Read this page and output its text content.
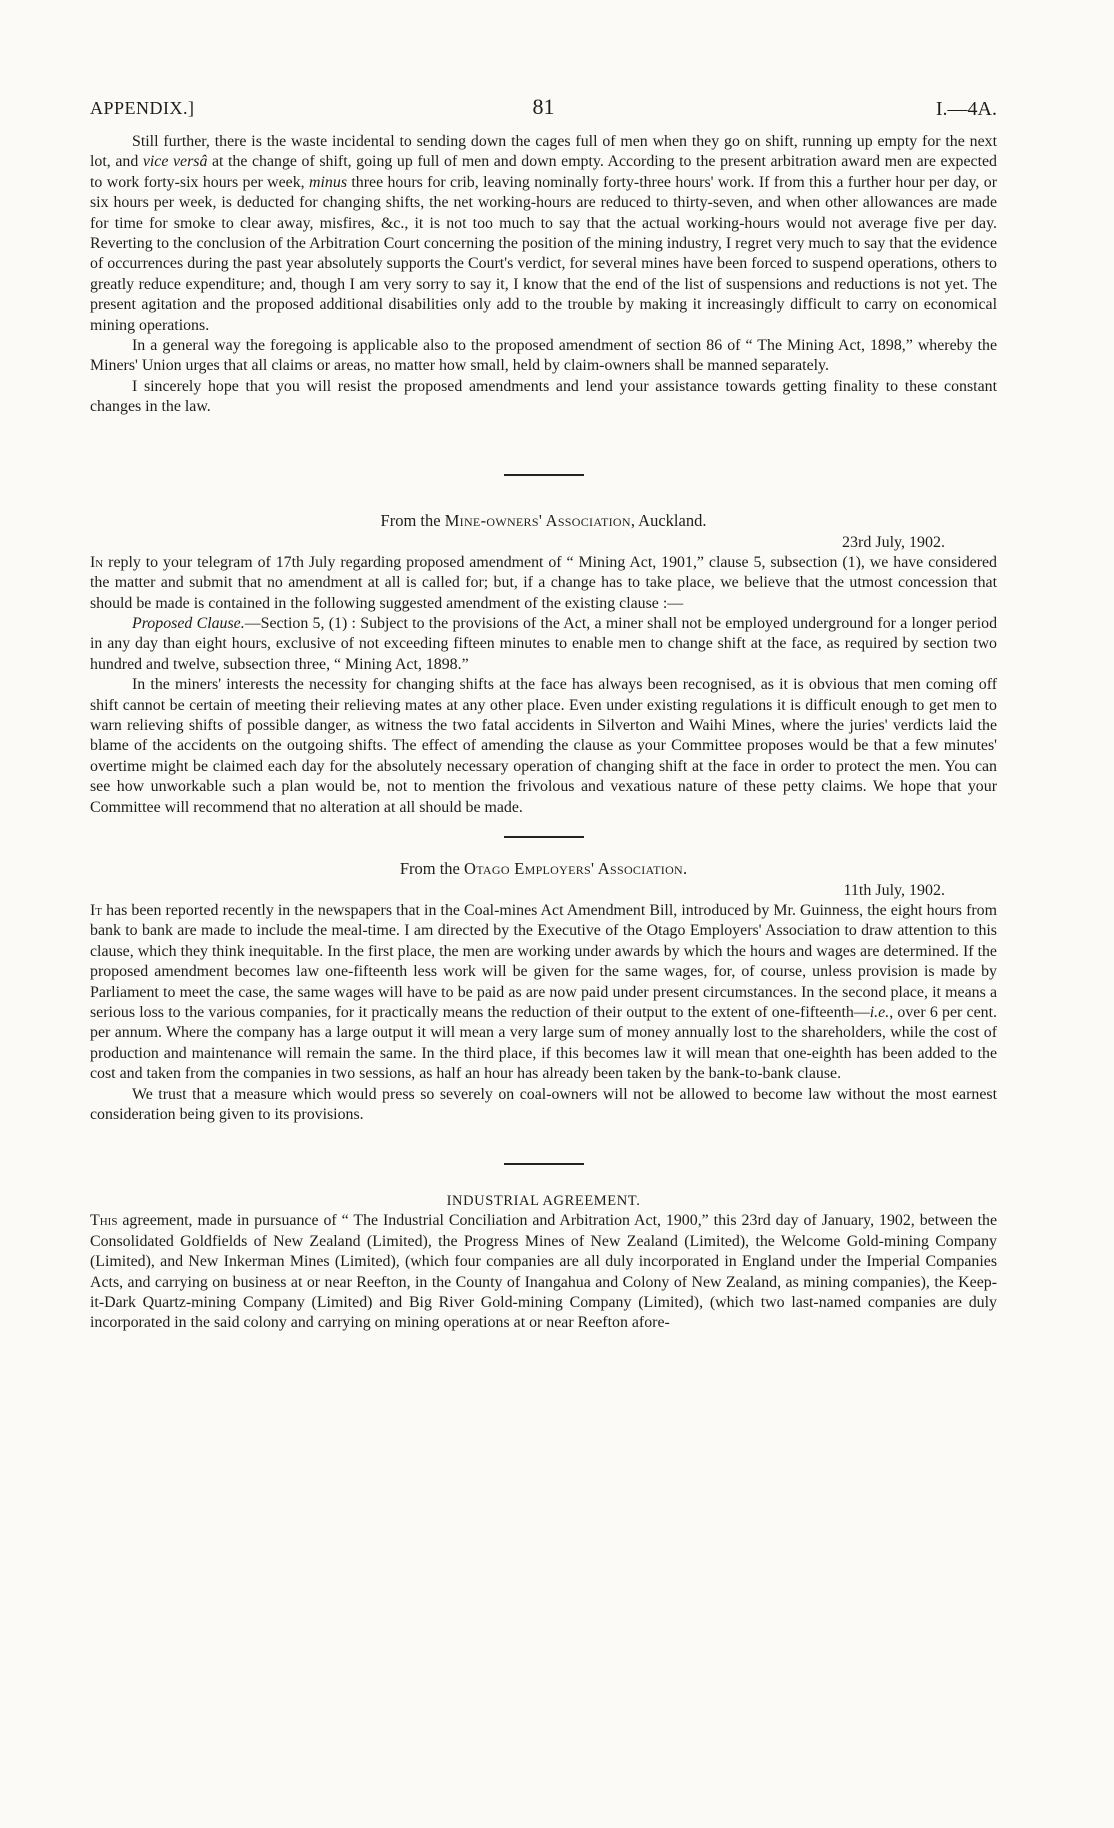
APPENDIX.]	81	I.—4A.

Still further, there is the waste incidental to sending down the cages full of men when they go on shift, running up empty for the next lot, and vice versâ at the change of shift, going up full of men and down empty. According to the present arbitration award men are expected to work forty-six hours per week, minus three hours for crib, leaving nominally forty-three hours' work. If from this a further hour per day, or six hours per week, is deducted for changing shifts, the net working-hours are reduced to thirty-seven, and when other allowances are made for time for smoke to clear away, misfires, &c., it is not too much to say that the actual working-hours would not average five per day. Reverting to the conclusion of the Arbitration Court concerning the position of the mining industry, I regret very much to say that the evidence of occurrences during the past year absolutely supports the Court's verdict, for several mines have been forced to suspend operations, others to greatly reduce expenditure; and, though I am very sorry to say it, I know that the end of the list of suspensions and reductions is not yet. The present agitation and the proposed additional disabilities only add to the trouble by making it increasingly difficult to carry on economical mining operations.

In a general way the foregoing is applicable also to the proposed amendment of section 86 of “ The Mining Act, 1898,” whereby the Miners' Union urges that all claims or areas, no matter how small, held by claim-owners shall be manned separately.

I sincerely hope that you will resist the proposed amendments and lend your assistance towards getting finality to these constant changes in the law.

From the Mine-owners' Association, Auckland.
23rd July, 1902.

In reply to your telegram of 17th July regarding proposed amendment of “ Mining Act, 1901,” clause 5, subsection (1), we have considered the matter and submit that no amendment at all is called for; but, if a change has to take place, we believe that the utmost concession that should be made is contained in the following suggested amendment of the existing clause :—

Proposed Clause.—Section 5, (1) : Subject to the provisions of the Act, a miner shall not be employed underground for a longer period in any day than eight hours, exclusive of not exceeding fifteen minutes to enable men to change shift at the face, as required by section two hundred and twelve, subsection three, “ Mining Act, 1898.”

In the miners' interests the necessity for changing shifts at the face has always been recognised, as it is obvious that men coming off shift cannot be certain of meeting their relieving mates at any other place. Even under existing regulations it is difficult enough to get men to warn relieving shifts of possible danger, as witness the two fatal accidents in Silverton and Waihi Mines, where the juries' verdicts laid the blame of the accidents on the outgoing shifts. The effect of amending the clause as your Committee proposes would be that a few minutes' overtime might be claimed each day for the absolutely necessary operation of changing shift at the face in order to protect the men. You can see how unworkable such a plan would be, not to mention the frivolous and vexatious nature of these petty claims. We hope that your Committee will recommend that no alteration at all should be made.

From the Otago Employers' Association.
11th July, 1902.

It has been reported recently in the newspapers that in the Coal-mines Act Amendment Bill, introduced by Mr. Guinness, the eight hours from bank to bank are made to include the meal-time. I am directed by the Executive of the Otago Employers' Association to draw attention to this clause, which they think inequitable. In the first place, the men are working under awards by which the hours and wages are determined. If the proposed amendment becomes law one-fifteenth less work will be given for the same wages, for, of course, unless provision is made by Parliament to meet the case, the same wages will have to be paid as are now paid under present circumstances. In the second place, it means a serious loss to the various companies, for it practically means the reduction of their output to the extent of one-fifteenth—i.e., over 6 per cent. per annum. Where the company has a large output it will mean a very large sum of money annually lost to the shareholders, while the cost of production and maintenance will remain the same. In the third place, if this becomes law it will mean that one-eighth has been added to the cost and taken from the companies in two sessions, as half an hour has already been taken by the bank-to-bank clause.

We trust that a measure which would press so severely on coal-owners will not be allowed to become law without the most earnest consideration being given to its provisions.

INDUSTRIAL AGREEMENT.

This agreement, made in pursuance of “ The Industrial Conciliation and Arbitration Act, 1900,” this 23rd day of January, 1902, between the Consolidated Goldfields of New Zealand (Limited), the Progress Mines of New Zealand (Limited), the Welcome Gold-mining Company (Limited), and New Inkerman Mines (Limited), (which four companies are all duly incorporated in England under the Imperial Companies Acts, and carrying on business at or near Reefton, in the County of Inangahua and Colony of New Zealand, as mining companies), the Keep-it-Dark Quartz-mining Company (Limited) and Big River Gold-mining Company (Limited), (which two last-named companies are duly incorporated in the said colony and carrying on mining operations at or near Reefton afore-
